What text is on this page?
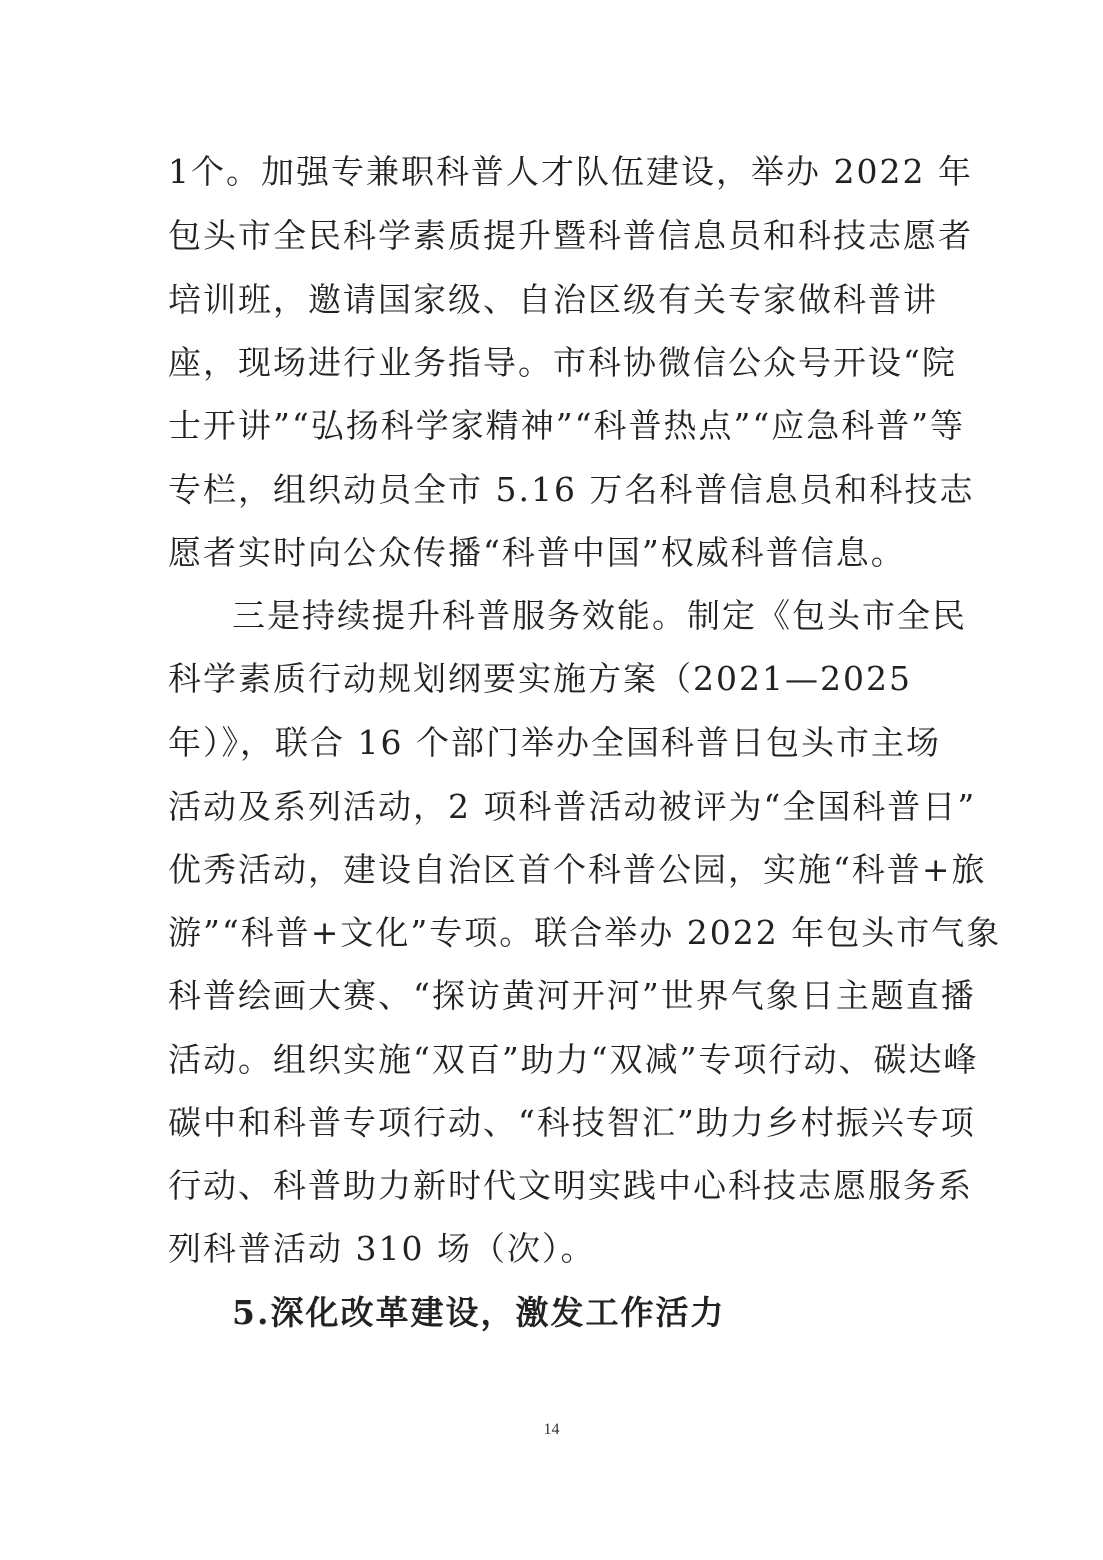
1个。加强专兼职科普人才队伍建设，举办 2022 年
包头市全民科学素质提升暨科普信息员和科技志愿者
培训班，邀请国家级、自治区级有关专家做科普讲
座，现场进行业务指导。市科协微信公众号开设“院
士开讲”“弘扬科学家精神”“科普热点”“应急科普”等
专栏，组织动员全市 5.16 万名科普信息员和科技志
愿者实时向公众传播“科普中国”权威科普信息。
三是持续提升科普服务效能。制定《包头市全民
科学素质行动规划纲要实施方案（2021—2025
年）》，联合 16 个部门举办全国科普日包头市主场
活动及系列活动，2 项科普活动被评为“全国科普日”
优秀活动，建设自治区首个科普公园，实施“科普+旅
游”“科普+文化”专项。联合举办 2022 年包头市气象
科普绘画大赛、“探访黄河开河”世界气象日主题直播
活动。组织实施“双百”助力“双减”专项行动、碳达峰
碳中和科普专项行动、“科技智汇”助力乡村振兴专项
行动、科普助力新时代文明实践中心科技志愿服务系
列科普活动 310 场（次）。
5.深化改革建设，激发工作活力
14
